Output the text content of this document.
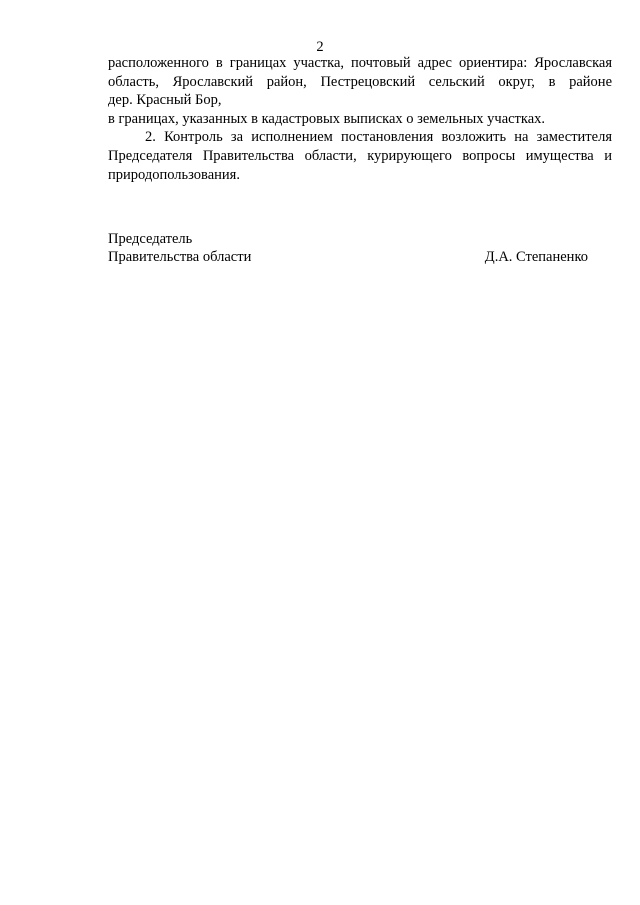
2

расположенного в границах участка, почтовый адрес ориентира: Ярославская область, Ярославский район, Пестрецовский сельский округ, в районе

дер. Красный Бор,

в границах, указанных в кадастровых выписках о земельных участках.

2. Контроль за исполнением постановления возложить на заместителя Председателя Правительства области, курирующего вопросы имущества и природопользования.

Председатель
Правительства области	Д.А. Степаненко
